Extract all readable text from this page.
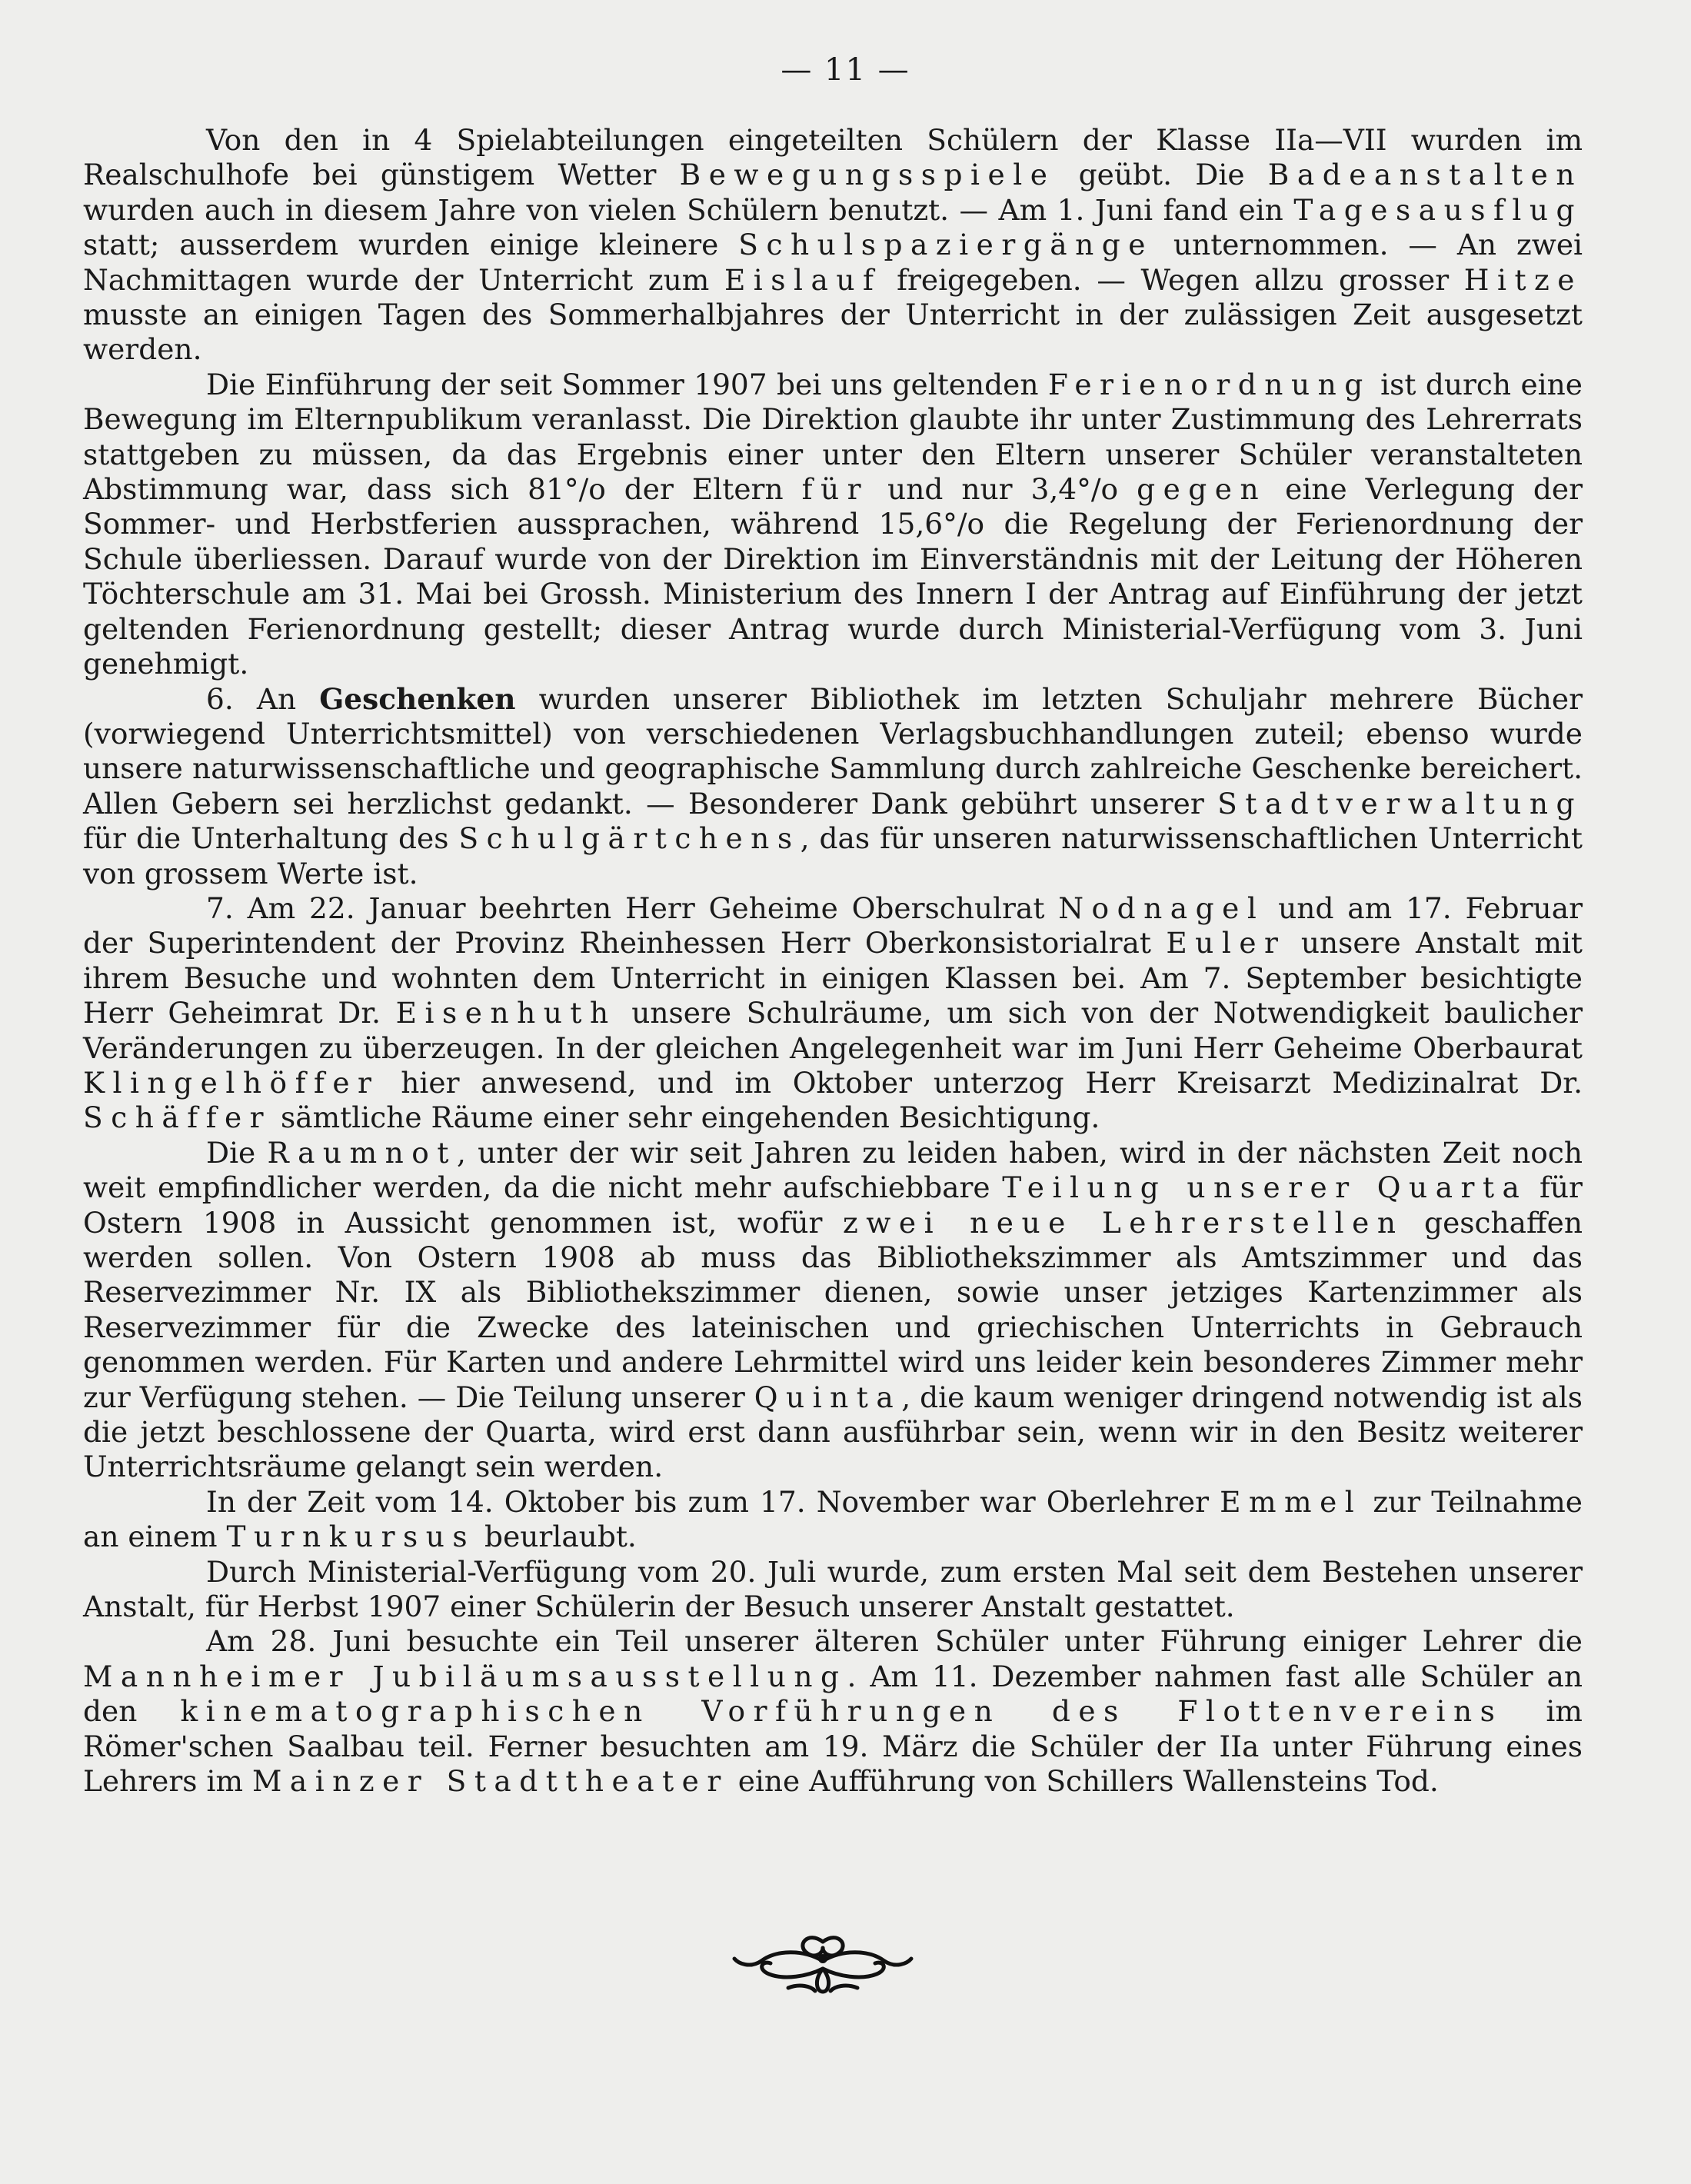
— 11 —

Von den in 4 Spielabteilungen eingeteilten Schülern der Klasse IIa—VII wurden im Realschulhofe bei günstigem Wetter Bewegungsspiele geübt. Die Badeanstalten wurden auch in diesem Jahre von vielen Schülern benutzt. — Am 1. Juni fand ein Tagesausflug statt; ausserdem wurden einige kleinere Schulspaziergänge unternommen. — An zwei Nachmittagen wurde der Unterricht zum Eislauf freigegeben. — Wegen allzu grosser Hitze musste an einigen Tagen des Sommerhalbjahres der Unterricht in der zulässigen Zeit ausgesetzt werden.

Die Einführung der seit Sommer 1907 bei uns geltenden Ferienordnung ist durch eine Bewegung im Elternpublikum veranlasst. Die Direktion glaubte ihr unter Zustimmung des Lehrerrats stattgeben zu müssen, da das Ergebnis einer unter den Eltern unserer Schüler veranstalteten Abstimmung war, dass sich 81°/o der Eltern für und nur 3,4°/o gegen eine Verlegung der Sommer- und Herbstferien aussprachen, während 15,6°/o die Regelung der Ferienordnung der Schule überliessen. Darauf wurde von der Direktion im Einverständnis mit der Leitung der Höheren Töchterschule am 31. Mai bei Grossh. Ministerium des Innern I der Antrag auf Einführung der jetzt geltenden Ferienordnung gestellt; dieser Antrag wurde durch Ministerial-Verfügung vom 3. Juni genehmigt.

6. An Geschenken wurden unserer Bibliothek im letzten Schuljahr mehrere Bücher (vorwiegend Unterrichtsmittel) von verschiedenen Verlagsbuchhandlungen zuteil; ebenso wurde unsere naturwissenschaftliche und geographische Sammlung durch zahlreiche Geschenke bereichert. Allen Gebern sei herzlichst gedankt. — Besonderer Dank gebührt unserer Stadtverwaltung für die Unterhaltung des Schulgärtchens, das für unseren naturwissenschaftlichen Unterricht von grossem Werte ist.

7. Am 22. Januar beehrten Herr Geheime Oberschulrat Nodnagel und am 17. Februar der Superintendent der Provinz Rheinhessen Herr Oberkonsistorialrat Euler unsere Anstalt mit ihrem Besuche und wohnten dem Unterricht in einigen Klassen bei. Am 7. September besichtigte Herr Geheimrat Dr. Eisenhuth unsere Schulräume, um sich von der Notwendigkeit baulicher Veränderungen zu überzeugen. In der gleichen Angelegenheit war im Juni Herr Geheime Oberbaurat Klingelhöffer hier anwesend, und im Oktober unterzog Herr Kreisarzt Medizinalrat Dr. Schäffer sämtliche Räume einer sehr eingehenden Besichtigung.

Die Raumnot, unter der wir seit Jahren zu leiden haben, wird in der nächsten Zeit noch weit empfindlicher werden, da die nicht mehr aufschiebbare Teilung unserer Quarta für Ostern 1908 in Aussicht genommen ist, wofür zwei neue Lehrerstellen geschaffen werden sollen. Von Ostern 1908 ab muss das Bibliothekszimmer als Amtszimmer und das Reservezimmer Nr. IX als Bibliothekszimmer dienen, sowie unser jetziges Kartenzimmer als Reservezimmer für die Zwecke des lateinischen und griechischen Unterrichts in Gebrauch genommen werden. Für Karten und andere Lehrmittel wird uns leider kein besonderes Zimmer mehr zur Verfügung stehen. — Die Teilung unserer Quinta, die kaum weniger dringend notwendig ist als die jetzt beschlossene der Quarta, wird erst dann ausführbar sein, wenn wir in den Besitz weiterer Unterrichtsräume gelangt sein werden.

In der Zeit vom 14. Oktober bis zum 17. November war Oberlehrer Emmel zur Teilnahme an einem Turnkursus beurlaubt.

Durch Ministerial-Verfügung vom 20. Juli wurde, zum ersten Mal seit dem Bestehen unserer Anstalt, für Herbst 1907 einer Schülerin der Besuch unserer Anstalt gestattet.

Am 28. Juni besuchte ein Teil unserer älteren Schüler unter Führung einiger Lehrer die Mannheimer Jubiläumsausstellung. Am 11. Dezember nahmen fast alle Schüler an den kinematographischen Vorführungen des Flottenvereins im Römer'schen Saalbau teil. Ferner besuchten am 19. März die Schüler der IIa unter Führung eines Lehrers im Mainzer Stadttheater eine Aufführung von Schillers Wallensteins Tod.
